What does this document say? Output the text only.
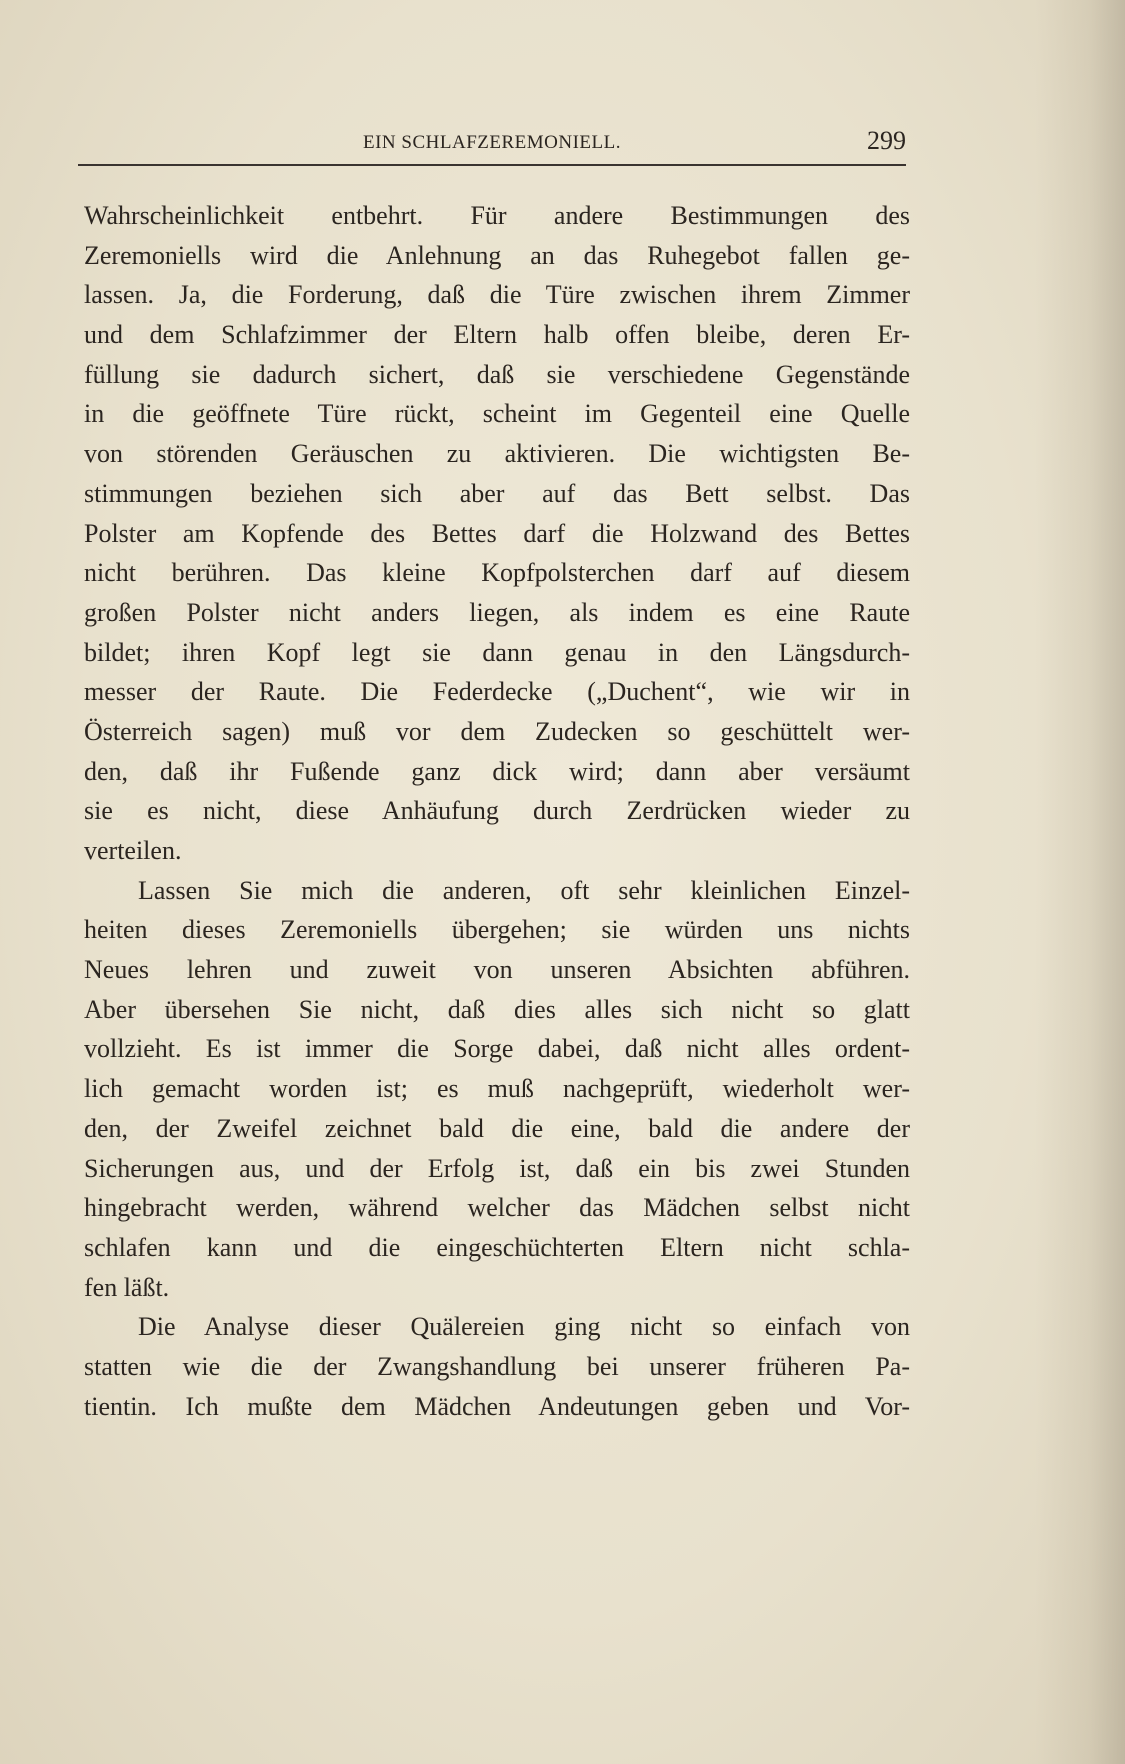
EIN SCHLAFZEREMONIELL.	299
Wahrscheinlichkeit entbehrt. Für andere Bestimmungen des
Zeremoniells wird die Anlehnung an das Ruhegebot fallen ge-
lassen. Ja, die Forderung, daß die Türe zwischen ihrem Zimmer
und dem Schlafzimmer der Eltern halb offen bleibe, deren Er-
füllung sie dadurch sichert, daß sie verschiedene Gegenstände
in die geöffnete Türe rückt, scheint im Gegenteil eine Quelle
von störenden Geräuschen zu aktivieren. Die wichtigsten Be-
stimmungen beziehen sich aber auf das Bett selbst. Das
Polster am Kopfende des Bettes darf die Holzwand des Bettes
nicht berühren. Das kleine Kopfpolsterchen darf auf diesem
großen Polster nicht anders liegen, als indem es eine Raute
bildet; ihren Kopf legt sie dann genau in den Längsdurch-
messer der Raute. Die Federdecke („Duchent“, wie wir in
Österreich sagen) muß vor dem Zudecken so geschüttelt wer-
den, daß ihr Fußende ganz dick wird; dann aber versäumt
sie es nicht, diese Anhäufung durch Zerdrücken wieder zu
verteilen.
Lassen Sie mich die anderen, oft sehr kleinlichen Einzel-
heiten dieses Zeremoniells übergehen; sie würden uns nichts
Neues lehren und zuweit von unseren Absichten abführen.
Aber übersehen Sie nicht, daß dies alles sich nicht so glatt
vollzieht. Es ist immer die Sorge dabei, daß nicht alles ordent-
lich gemacht worden ist; es muß nachgeprüft, wiederholt wer-
den, der Zweifel zeichnet bald die eine, bald die andere der
Sicherungen aus, und der Erfolg ist, daß ein bis zwei Stunden
hingebracht werden, während welcher das Mädchen selbst nicht
schlafen kann und die eingeschüchterten Eltern nicht schla-
fen läßt.
Die Analyse dieser Quälereien ging nicht so einfach von
statten wie die der Zwangshandlung bei unserer früheren Pa-
tientin. Ich mußte dem Mädchen Andeutungen geben und Vor-
